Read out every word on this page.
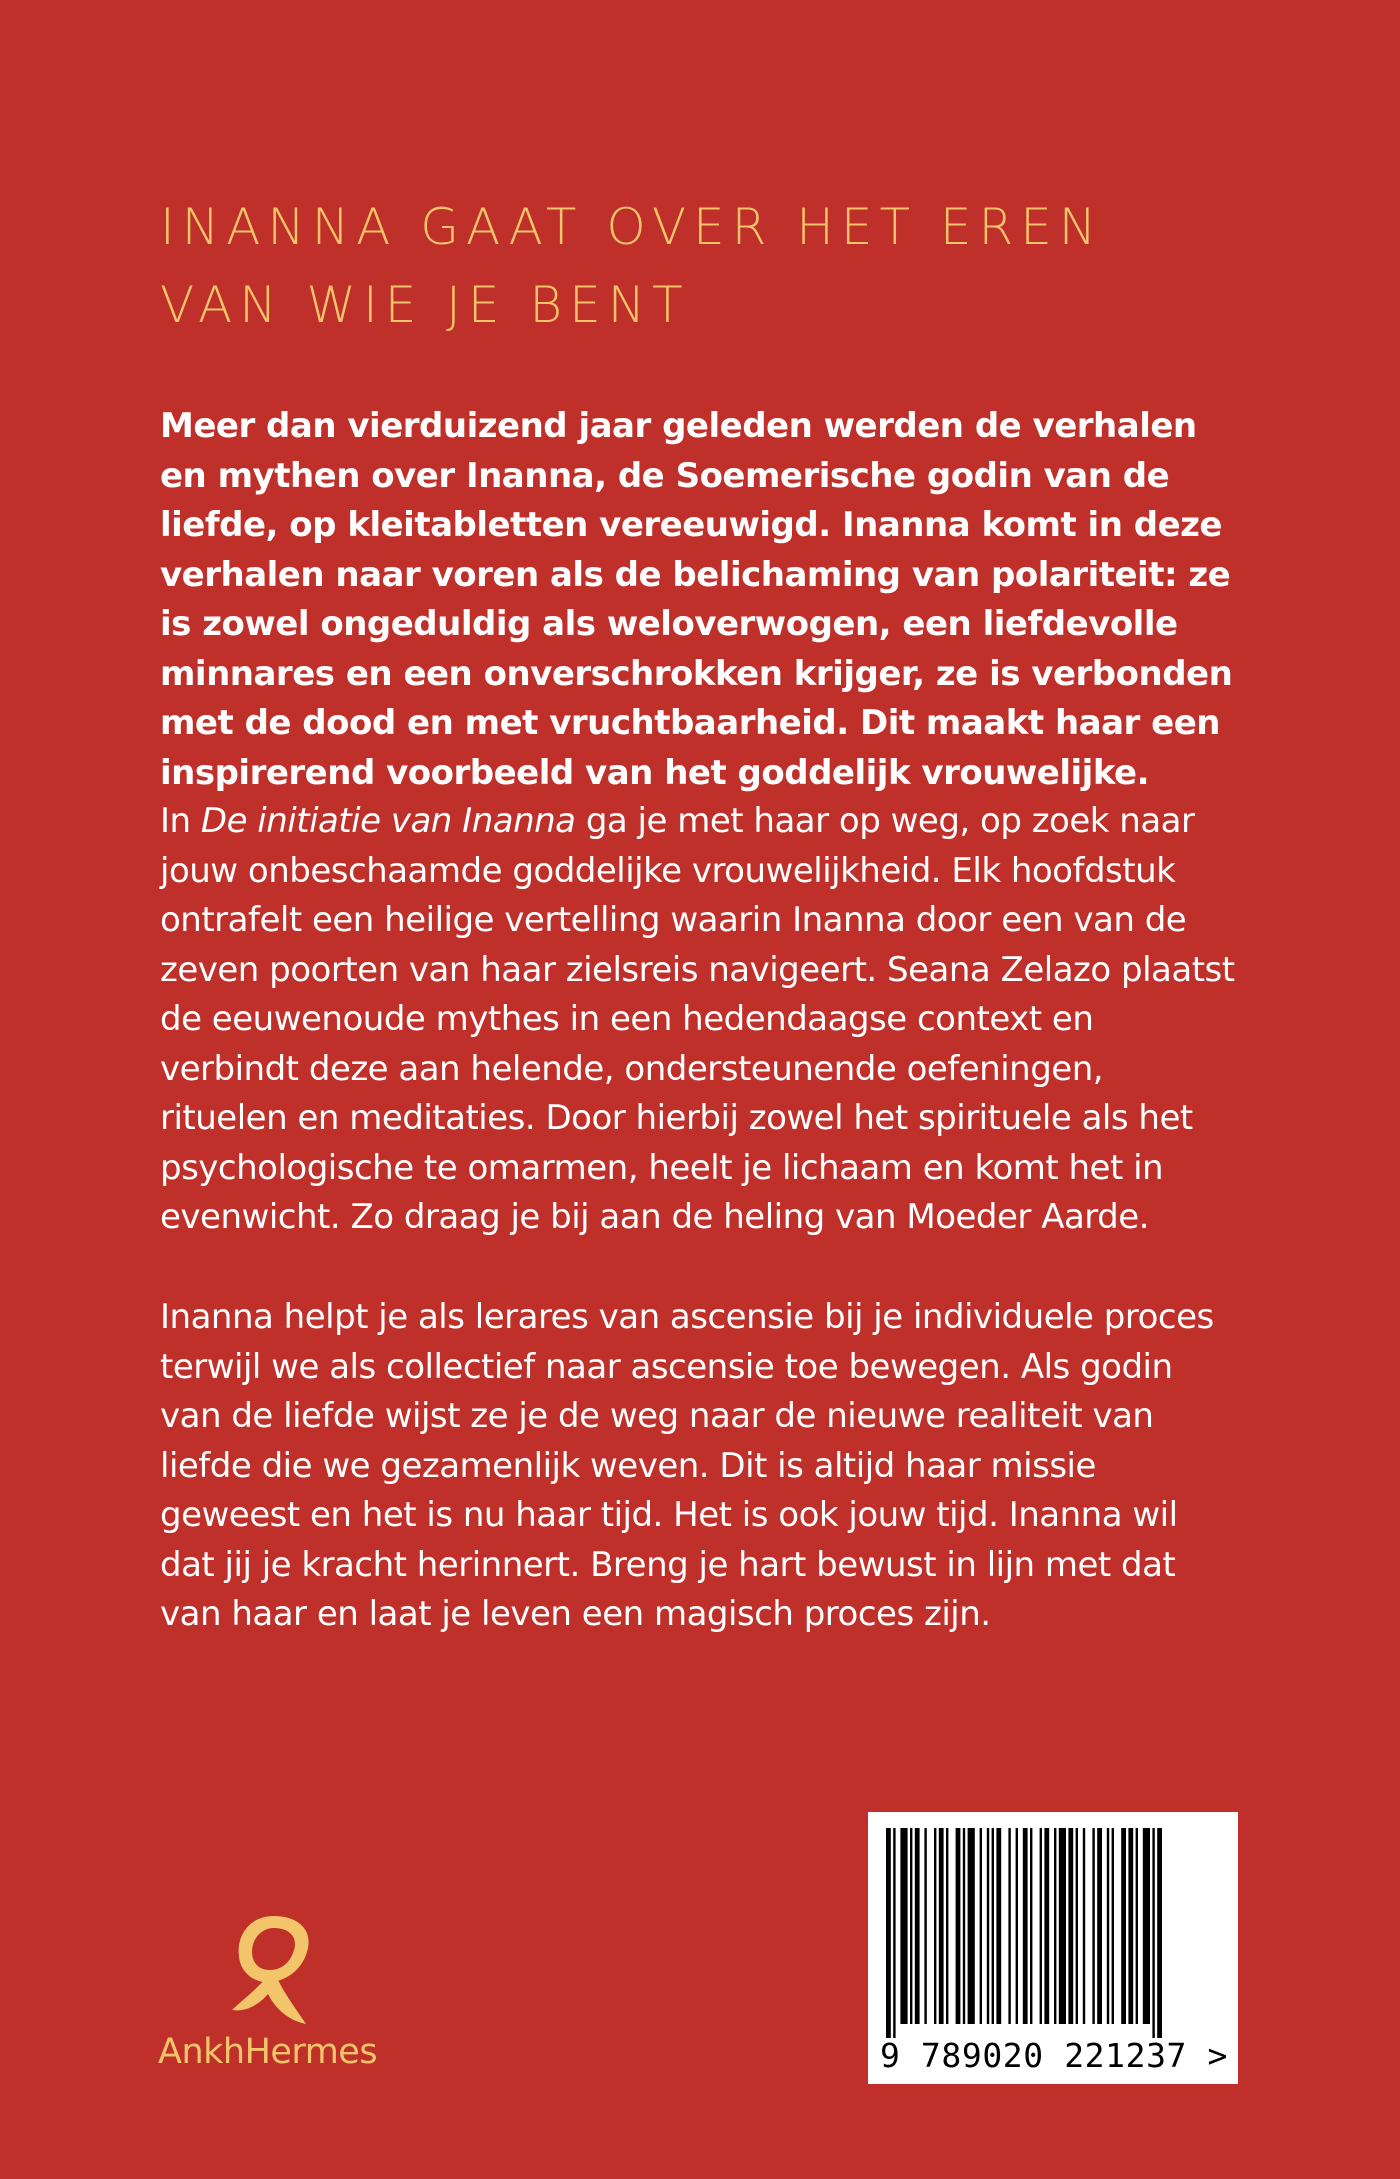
INANNA GAAT OVER HET EREN
VAN WIE JE BENT

Meer dan vierduizend jaar geleden werden de verhalen en mythen over Inanna, de Soemerische godin van de liefde, op kleitabletten vereeuwigd. Inanna komt in deze verhalen naar voren als de belichaming van polariteit: ze is zowel ongeduldig als weloverwogen, een liefdevolle minnares en een onverschrokken krijger, ze is verbonden met de dood en met vruchtbaarheid. Dit maakt haar een inspirerend voorbeeld van het goddelijk vrouwelijke.

In De initiatie van Inanna ga je met haar op weg, op zoek naar jouw onbeschaamde goddelijke vrouwelijkheid. Elk hoofdstuk ontrafelt een heilige vertelling waarin Inanna door een van de zeven poorten van haar zielsreis navigeert. Seana Zelazo plaatst de eeuwenoude mythes in een hedendaagse context en verbindt deze aan helende, ondersteunende oefeningen, rituelen en meditaties. Door hierbij zowel het spirituele als het psychologische te omarmen, heelt je lichaam en komt het in evenwicht. Zo draag je bij aan de heling van Moeder Aarde.

Inanna helpt je als lerares van ascensie bij je individuele proces terwijl we als collectief naar ascensie toe bewegen. Als godin van de liefde wijst ze je de weg naar de nieuwe realiteit van liefde die we gezamenlijk weven. Dit is altijd haar missie geweest en het is nu haar tijd. Het is ook jouw tijd. Inanna wil dat jij je kracht herinnert. Breng je hart bewust in lijn met dat van haar en laat je leven een magisch proces zijn.

AnkhHermes	9 789020 221237 >
